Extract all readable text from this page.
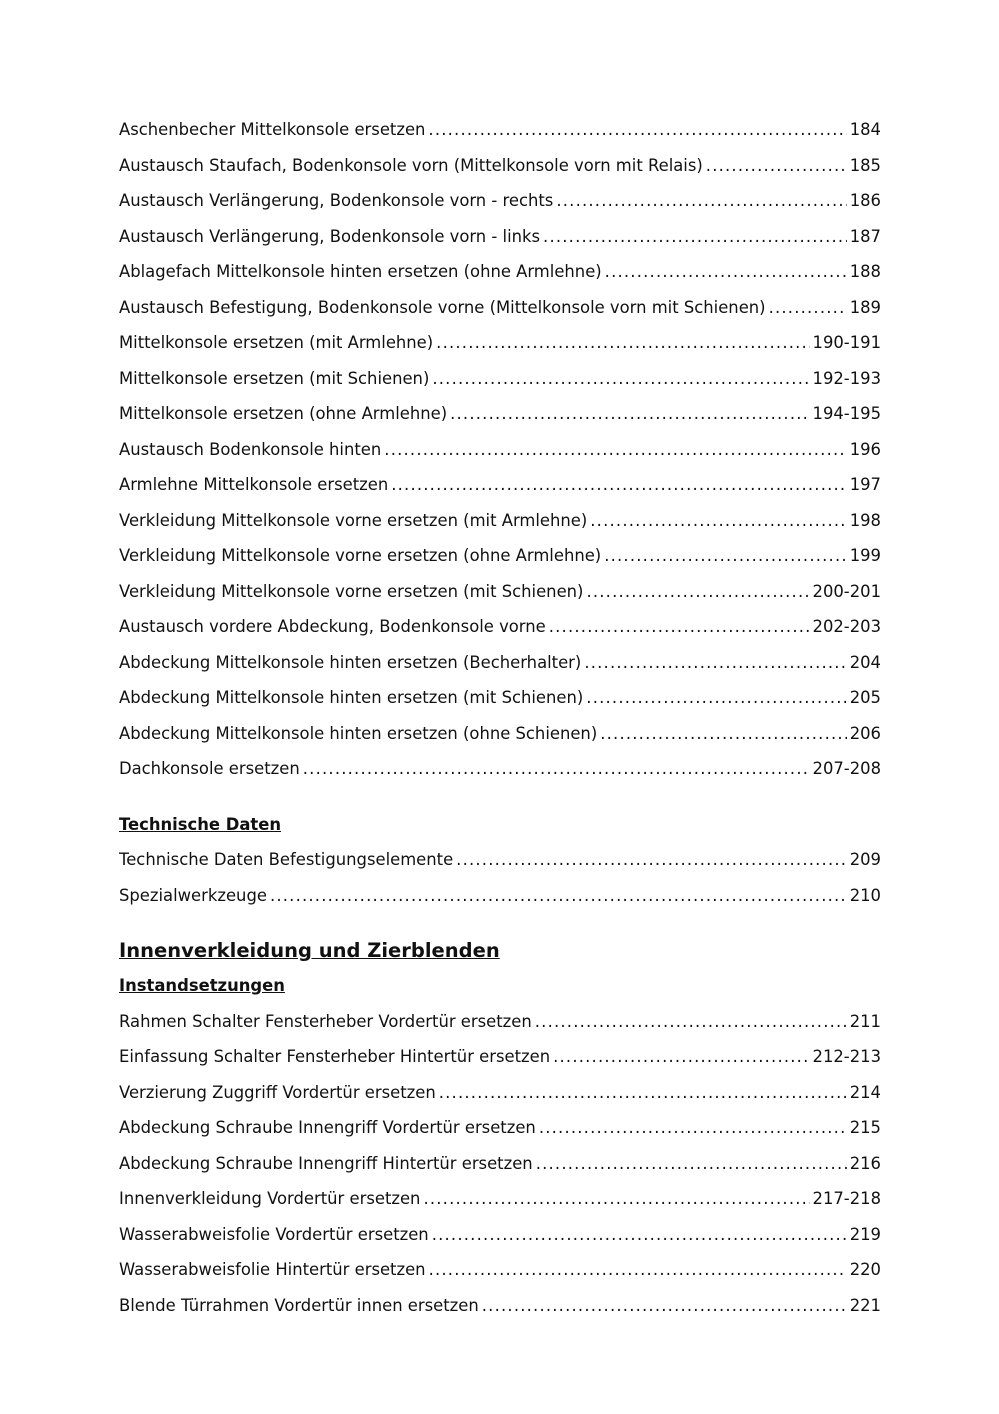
Aschenbecher Mittelkonsole ersetzen .....	184
Austausch Staufach, Bodenkonsole vorn (Mittelkonsole vorn mit Relais) .....	185
Austausch Verlängerung, Bodenkonsole vorn - rechts .....	186
Austausch Verlängerung, Bodenkonsole vorn - links .....	187
Ablagefach Mittelkonsole hinten ersetzen (ohne Armlehne) .....	188
Austausch Befestigung, Bodenkonsole vorne (Mittelkonsole vorn mit Schienen) .....	189
Mittelkonsole ersetzen (mit Armlehne) .....	190-191
Mittelkonsole ersetzen (mit Schienen) .....	192-193
Mittelkonsole ersetzen (ohne Armlehne) .....	194-195
Austausch Bodenkonsole hinten .....	196
Armlehne Mittelkonsole ersetzen .....	197
Verkleidung Mittelkonsole vorne ersetzen (mit Armlehne) .....	198
Verkleidung Mittelkonsole vorne ersetzen (ohne Armlehne) .....	199
Verkleidung Mittelkonsole vorne ersetzen (mit Schienen) .....	200-201
Austausch vordere Abdeckung, Bodenkonsole vorne .....	202-203
Abdeckung Mittelkonsole hinten ersetzen (Becherhalter) .....	204
Abdeckung Mittelkonsole hinten ersetzen (mit Schienen) .....	205
Abdeckung Mittelkonsole hinten ersetzen (ohne Schienen) .....	206
Dachkonsole ersetzen .....	207-208
Technische Daten
Technische Daten Befestigungselemente .....	209
Spezialwerkzeuge .....	210
Innenverkleidung und Zierblenden
Instandsetzungen
Rahmen Schalter Fensterheber Vordertür ersetzen .....	211
Einfassung Schalter Fensterheber Hintertür ersetzen .....	212-213
Verzierung Zuggriff Vordertür ersetzen .....	214
Abdeckung Schraube Innengriff Vordertür ersetzen .....	215
Abdeckung Schraube Innengriff Hintertür ersetzen .....	216
Innenverkleidung Vordertür ersetzen .....	217-218
Wasserabweisfolie Vordertür ersetzen .....	219
Wasserabweisfolie Hintertür ersetzen .....	220
Blende Türrahmen Vordertür innen ersetzen .....	221
